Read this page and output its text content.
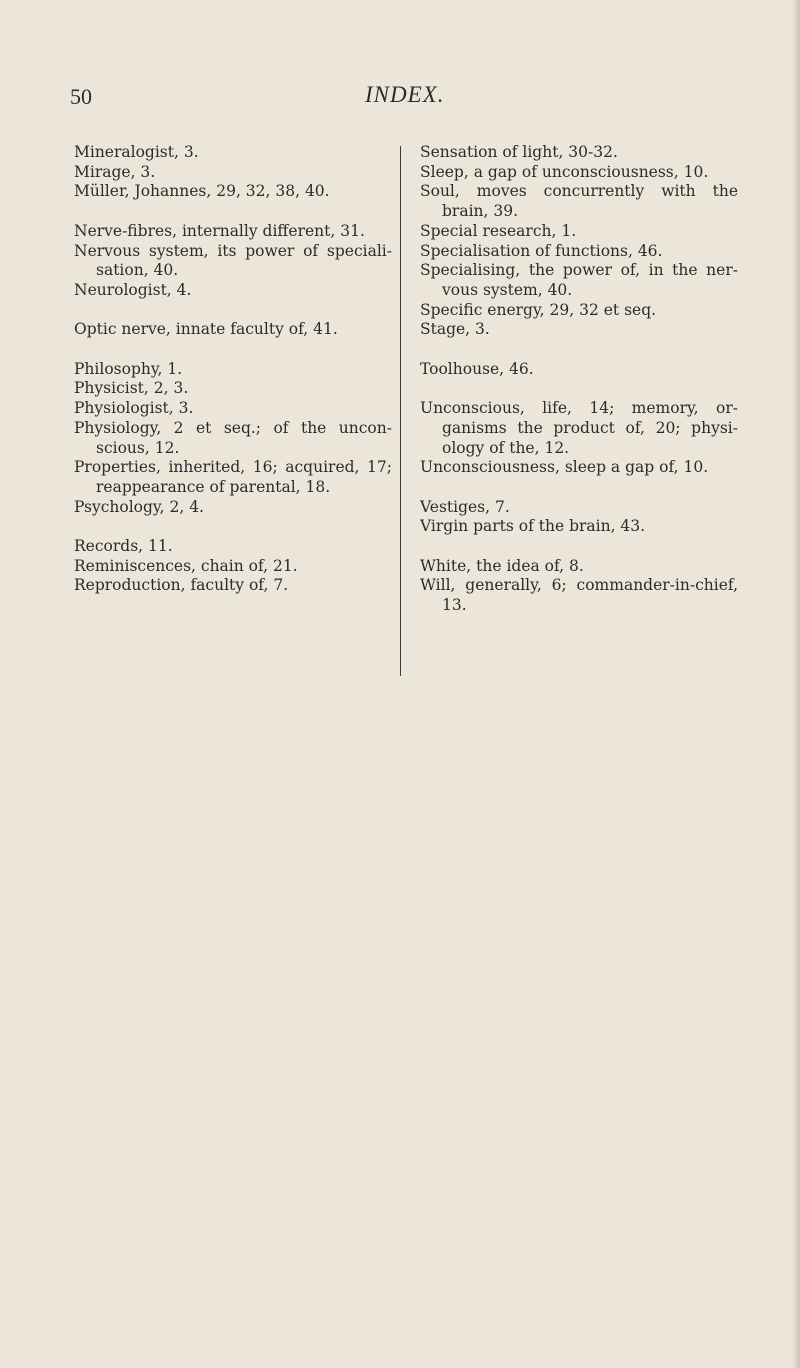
50	INDEX.

Mineralogist, 3.

Mirage, 3.

Müller, Johannes, 29, 32, 38, 40.

Nerve-fibres, internally different, 31.

Nervous system, its power of specialisation, 40.

Neurologist, 4.

Optic nerve, innate faculty of, 41.

Philosophy, 1.

Physicist, 2, 3.

Physiologist, 3.

Physiology, 2 et seq.; of the unconscious, 12.

Properties, inherited, 16; acquired, 17; reappearance of parental, 18.

Psychology, 2, 4.

Records, 11.

Reminiscences, chain of, 21.

Reproduction, faculty of, 7.

Sensation of light, 30-32.

Sleep, a gap of unconsciousness, 10.

Soul, moves concurrently with the brain, 39.

Special research, 1.

Specialisation of functions, 46.

Specialising, the power of, in the nervous system, 40.

Specific energy, 29, 32 et seq.

Stage, 3.

Toolhouse, 46.

Unconscious, life, 14; memory, organisms the product of, 20; physiology of the, 12.

Unconsciousness, sleep a gap of, 10.

Vestiges, 7.

Virgin parts of the brain, 43.

White, the idea of, 8.

Will, generally, 6; commander-in-chief, 13.
